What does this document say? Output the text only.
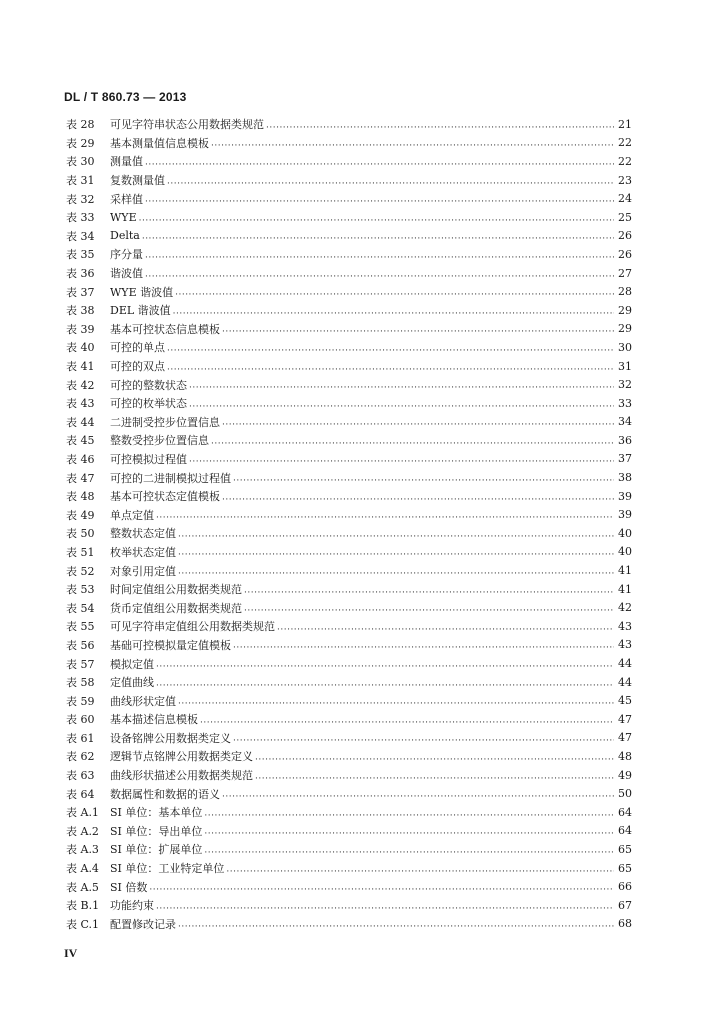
DL / T 860.73 — 2013
表 28	可见字符串状态公用数据类规范 ·····	21
表 29	基本测量值信息模板 ·····	22
表 30	测量值 ·····	22
表 31	复数测量值 ·····	23
表 32	采样值 ·····	24
表 33	WYE ·····	25
表 34	Delta ·····	26
表 35	序分量 ·····	26
表 36	谐波值 ·····	27
表 37	WYE 谐波值 ·····	28
表 38	DEL 谐波值 ·····	29
表 39	基本可控状态信息模板 ·····	29
表 40	可控的单点 ·····	30
表 41	可控的双点 ·····	31
表 42	可控的整数状态 ·····	32
表 43	可控的枚举状态 ·····	33
表 44	二进制受控步位置信息 ·····	34
表 45	整数受控步位置信息 ·····	36
表 46	可控模拟过程值 ·····	37
表 47	可控的二进制模拟过程值 ·····	38
表 48	基本可控状态定值模板 ·····	39
表 49	单点定值 ·····	39
表 50	整数状态定值 ·····	40
表 51	枚举状态定值 ·····	40
表 52	对象引用定值 ·····	41
表 53	时间定值组公用数据类规范 ·····	41
表 54	货币定值组公用数据类规范 ·····	42
表 55	可见字符串定值组公用数据类规范 ·····	43
表 56	基础可控模拟量定值模板 ·····	43
表 57	模拟定值 ·····	44
表 58	定值曲线 ·····	44
表 59	曲线形状定值 ·····	45
表 60	基本描述信息模板 ·····	47
表 61	设备铭牌公用数据类定义 ·····	47
表 62	逻辑节点铭牌公用数据类定义 ·····	48
表 63	曲线形状描述公用数据类规范 ·····	49
表 64	数据属性和数据的语义 ·····	50
表 A.1	SI 单位：基本单位 ·····	64
表 A.2	SI 单位：导出单位 ·····	64
表 A.3	SI 单位：扩展单位 ·····	65
表 A.4	SI 单位：工业特定单位 ·····	65
表 A.5	SI 倍数 ·····	66
表 B.1 功能约束 ·····	67
表 C.1 配置修改记录 ·····	68
IV
